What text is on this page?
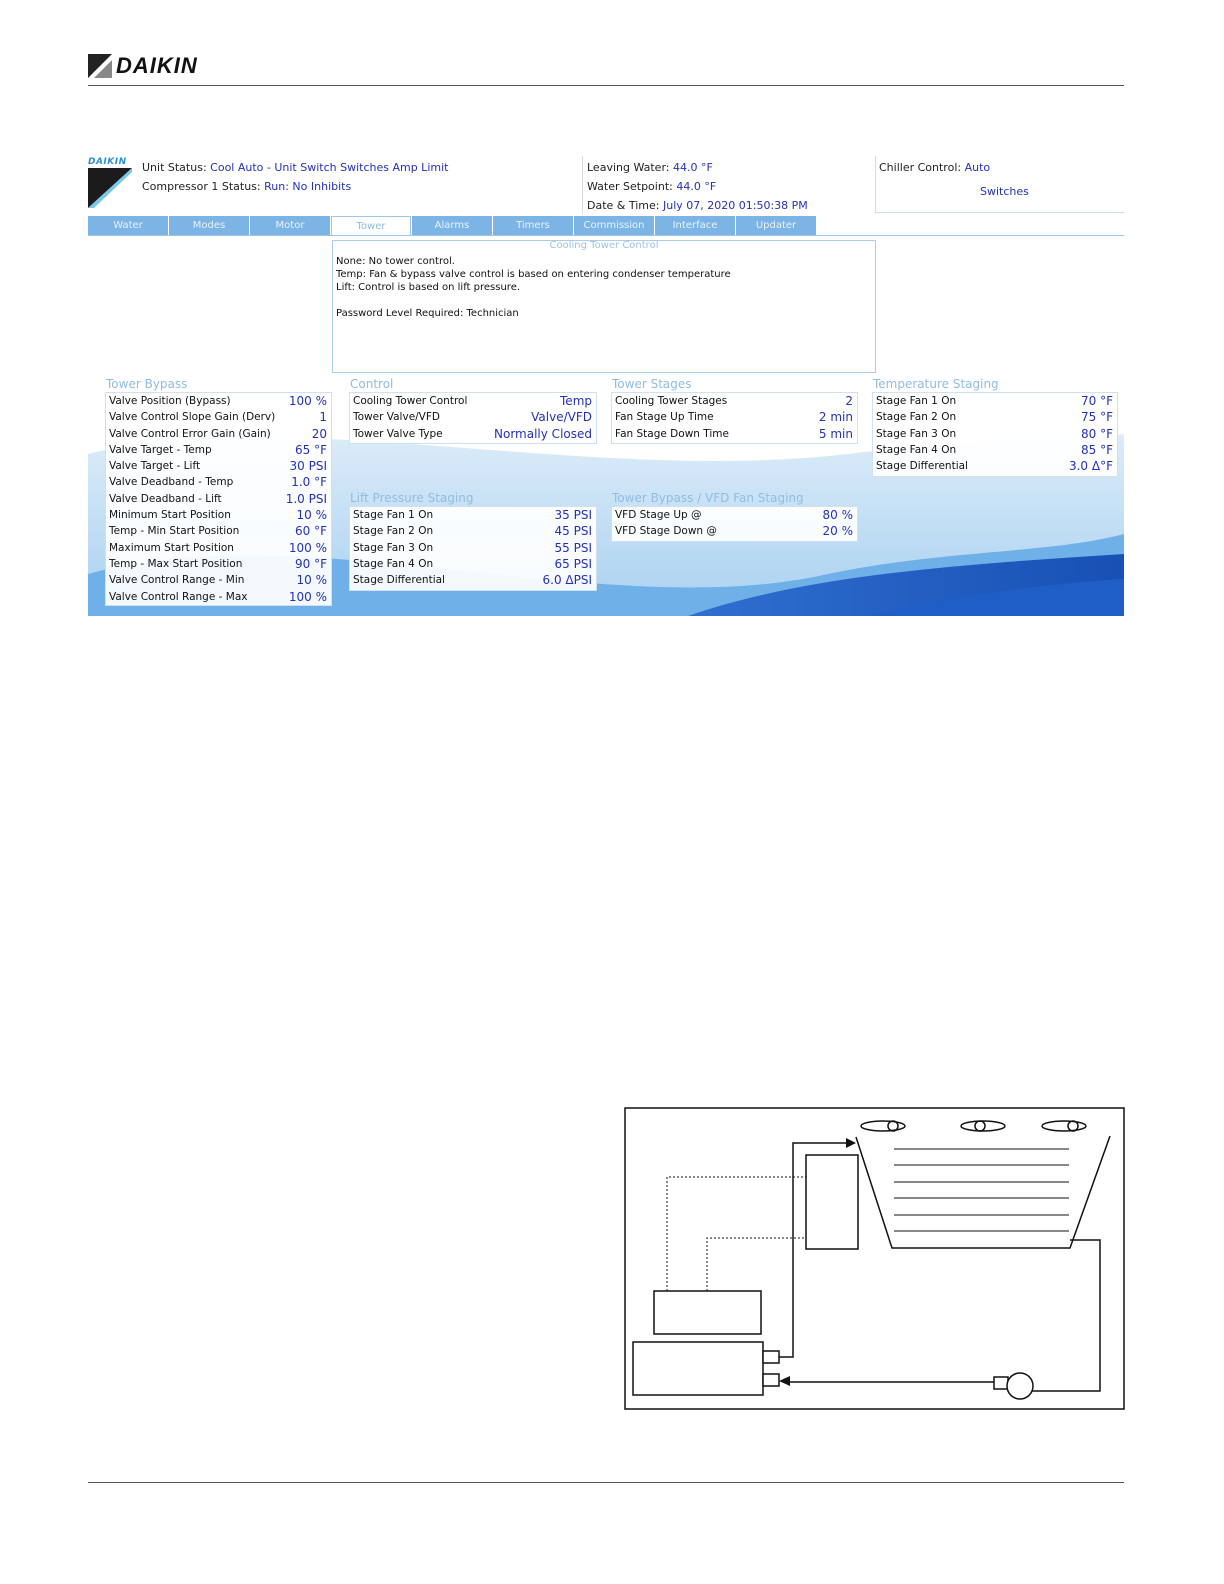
DAIKIN
DAIKIN Unit Status: Cool Auto - Unit Switch Switches Amp Limit
Compressor 1 Status: Run: No Inhibits
Leaving Water: 44.0 °F
Water Setpoint: 44.0 °F
Date & Time: July 07, 2020 01:50:38 PM
Chiller Control: Auto
Switches
Water	Modes	Motor	Tower	Alarms	Timers	Commission	Interface	Updater
Cooling Tower Control
None: No tower control.
Temp: Fan & bypass valve control is based on entering condenser temperature
Lift: Control is based on lift pressure.
Password Level Required: Technician
Tower Bypass
Valve Position (Bypass)	100 %
Valve Control Slope Gain (Derv)	1
Valve Control Error Gain (Gain)	20
Valve Target - Temp	65 °F
Valve Target - Lift	30 PSI
Valve Deadband - Temp	1.0 °F
Valve Deadband - Lift	1.0 PSI
Minimum Start Position	10 %
Temp - Min Start Position	60 °F
Maximum Start Position	100 %
Temp - Max Start Position	90 °F
Valve Control Range - Min	10 %
Valve Control Range - Max	100 %
Control
Cooling Tower Control	Temp
Tower Valve/VFD	Valve/VFD
Tower Valve Type	Normally Closed
Lift Pressure Staging
Stage Fan 1 On	35 PSI
Stage Fan 2 On	45 PSI
Stage Fan 3 On	55 PSI
Stage Fan 4 On	65 PSI
Stage Differential	6.0 ΔPSI
Tower Stages
Cooling Tower Stages	2
Fan Stage Up Time	2 min
Fan Stage Down Time	5 min
Tower Bypass / VFD Fan Staging
VFD Stage Up @	80 %
VFD Stage Down @	20 %
Temperature Staging
Stage Fan 1 On	70 °F
Stage Fan 2 On	75 °F
Stage Fan 3 On	80 °F
Stage Fan 4 On	85 °F
Stage Differential	3.0 Δ°F
